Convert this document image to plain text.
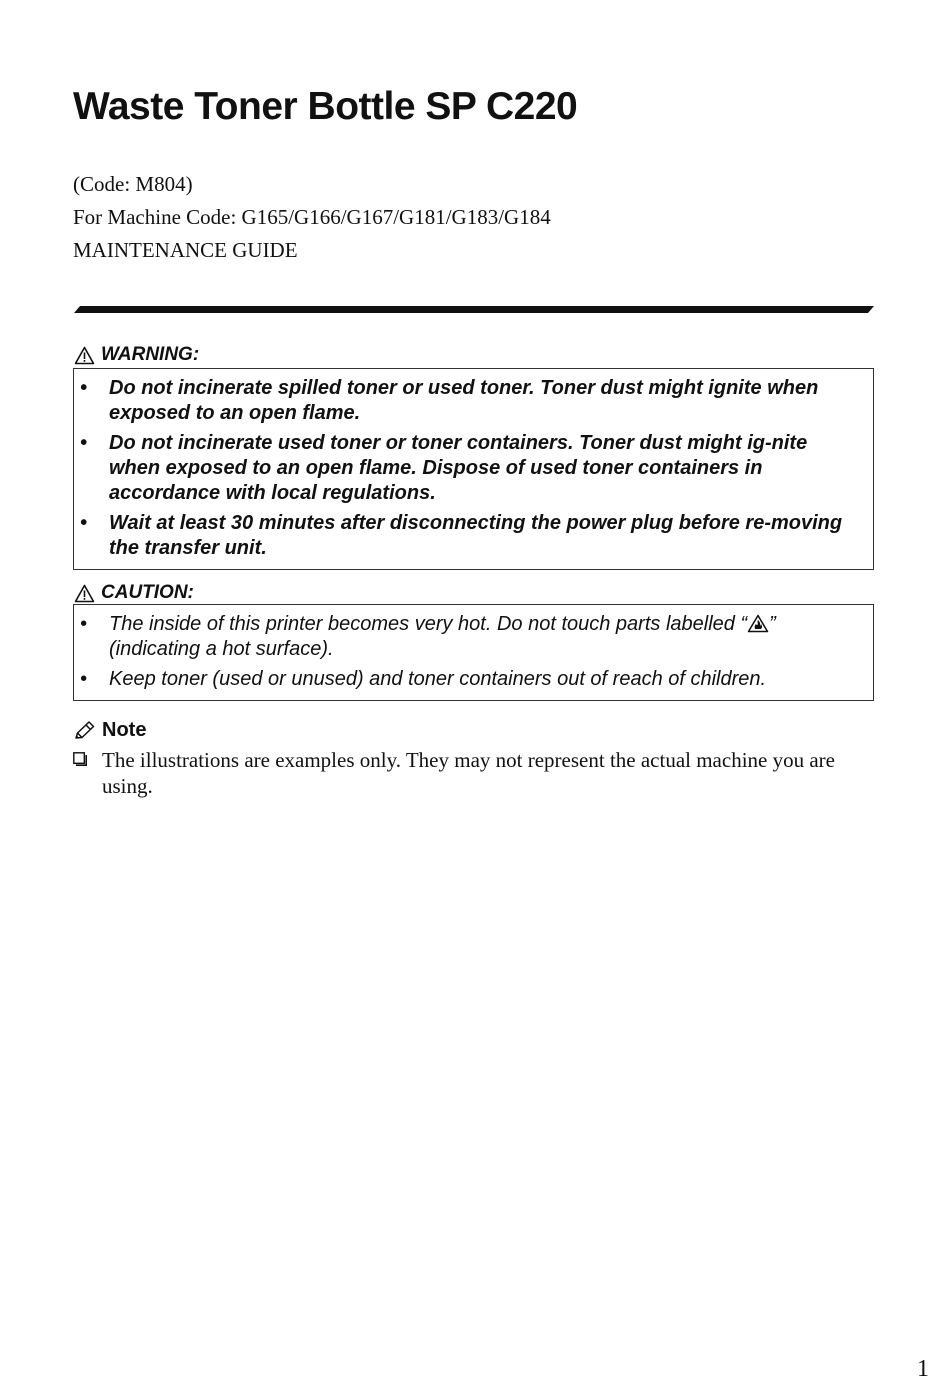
Waste Toner Bottle SP C220
(Code: M804)
For Machine Code: G165/G166/G167/G181/G183/G184
MAINTENANCE GUIDE
WARNING:
• Do not incinerate spilled toner or used toner. Toner dust might ignite when exposed to an open flame.
• Do not incinerate used toner or toner containers. Toner dust might ig-nite when exposed to an open flame. Dispose of used toner containers in accordance with local regulations.
• Wait at least 30 minutes after disconnecting the power plug before re-moving the transfer unit.
CAUTION:
• The inside of this printer becomes very hot. Do not touch parts labelled “ ” (indicating a hot surface).
• Keep toner (used or unused) and toner containers out of reach of children.
Note
The illustrations are examples only. They may not represent the actual machine you are using.
1
